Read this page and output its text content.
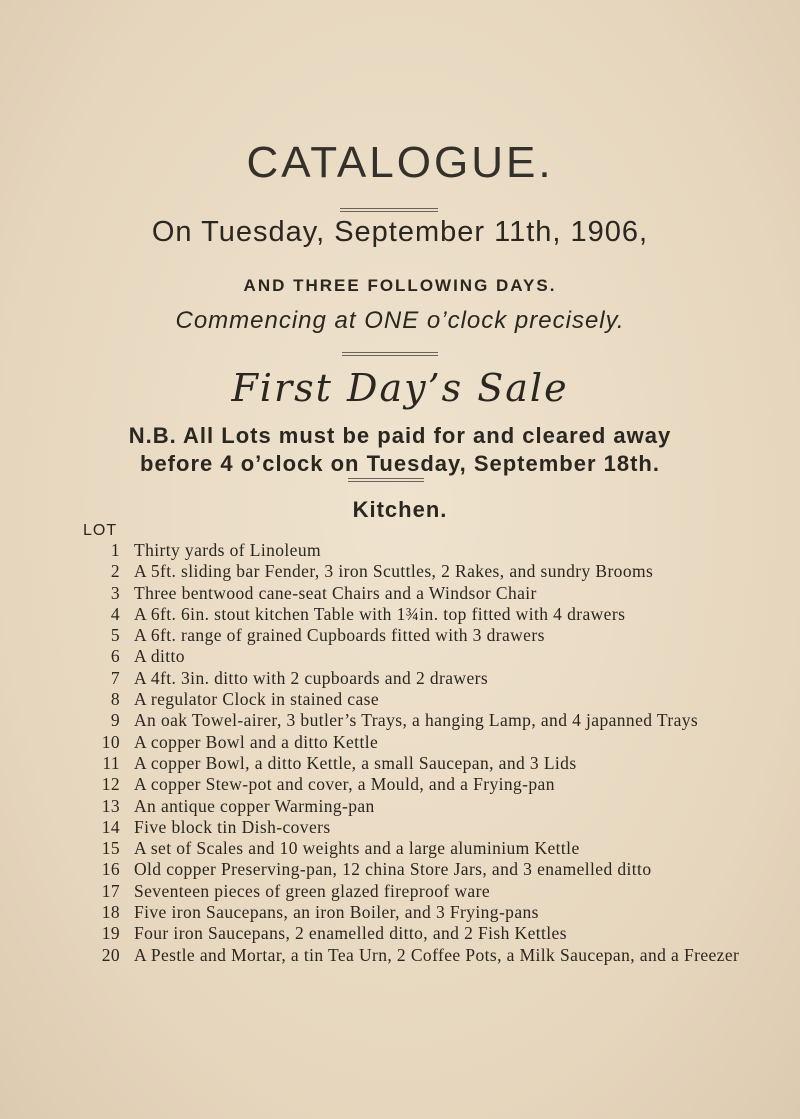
CATALOGUE.
On Tuesday, September 11th, 1906,
AND THREE FOLLOWING DAYS.
Commencing at ONE o’clock precisely.
First Day’s Sale
N.B. All Lots must be paid for and cleared away
before 4 o’clock on Tuesday, September 18th.
Kitchen.
LOT
1 Thirty yards of Linoleum
2 A 5ft. sliding bar Fender, 3 iron Scuttles, 2 Rakes, and sundry Brooms
3 Three bentwood cane-seat Chairs and a Windsor Chair
4 A 6ft. 6in. stout kitchen Table with 1¾in. top fitted with 4 drawers
5 A 6ft. range of grained Cupboards fitted with 3 drawers
6 A ditto
7 A 4ft. 3in. ditto with 2 cupboards and 2 drawers
8 A regulator Clock in stained case
9 An oak Towel-airer, 3 butler’s Trays, a hanging Lamp, and 4 japanned Trays
10 A copper Bowl and a ditto Kettle
11 A copper Bowl, a ditto Kettle, a small Saucepan, and 3 Lids
12 A copper Stew-pot and cover, a Mould, and a Frying-pan
13 An antique copper Warming-pan
14 Five block tin Dish-covers
15 A set of Scales and 10 weights and a large aluminium Kettle
16 Old copper Preserving-pan, 12 china Store Jars, and 3 enamelled ditto
17 Seventeen pieces of green glazed fireproof ware
18 Five iron Saucepans, an iron Boiler, and 3 Frying-pans
19 Four iron Saucepans, 2 enamelled ditto, and 2 Fish Kettles
20 A Pestle and Mortar, a tin Tea Urn, 2 Coffee Pots, a Milk Saucepan, and a Freezer
